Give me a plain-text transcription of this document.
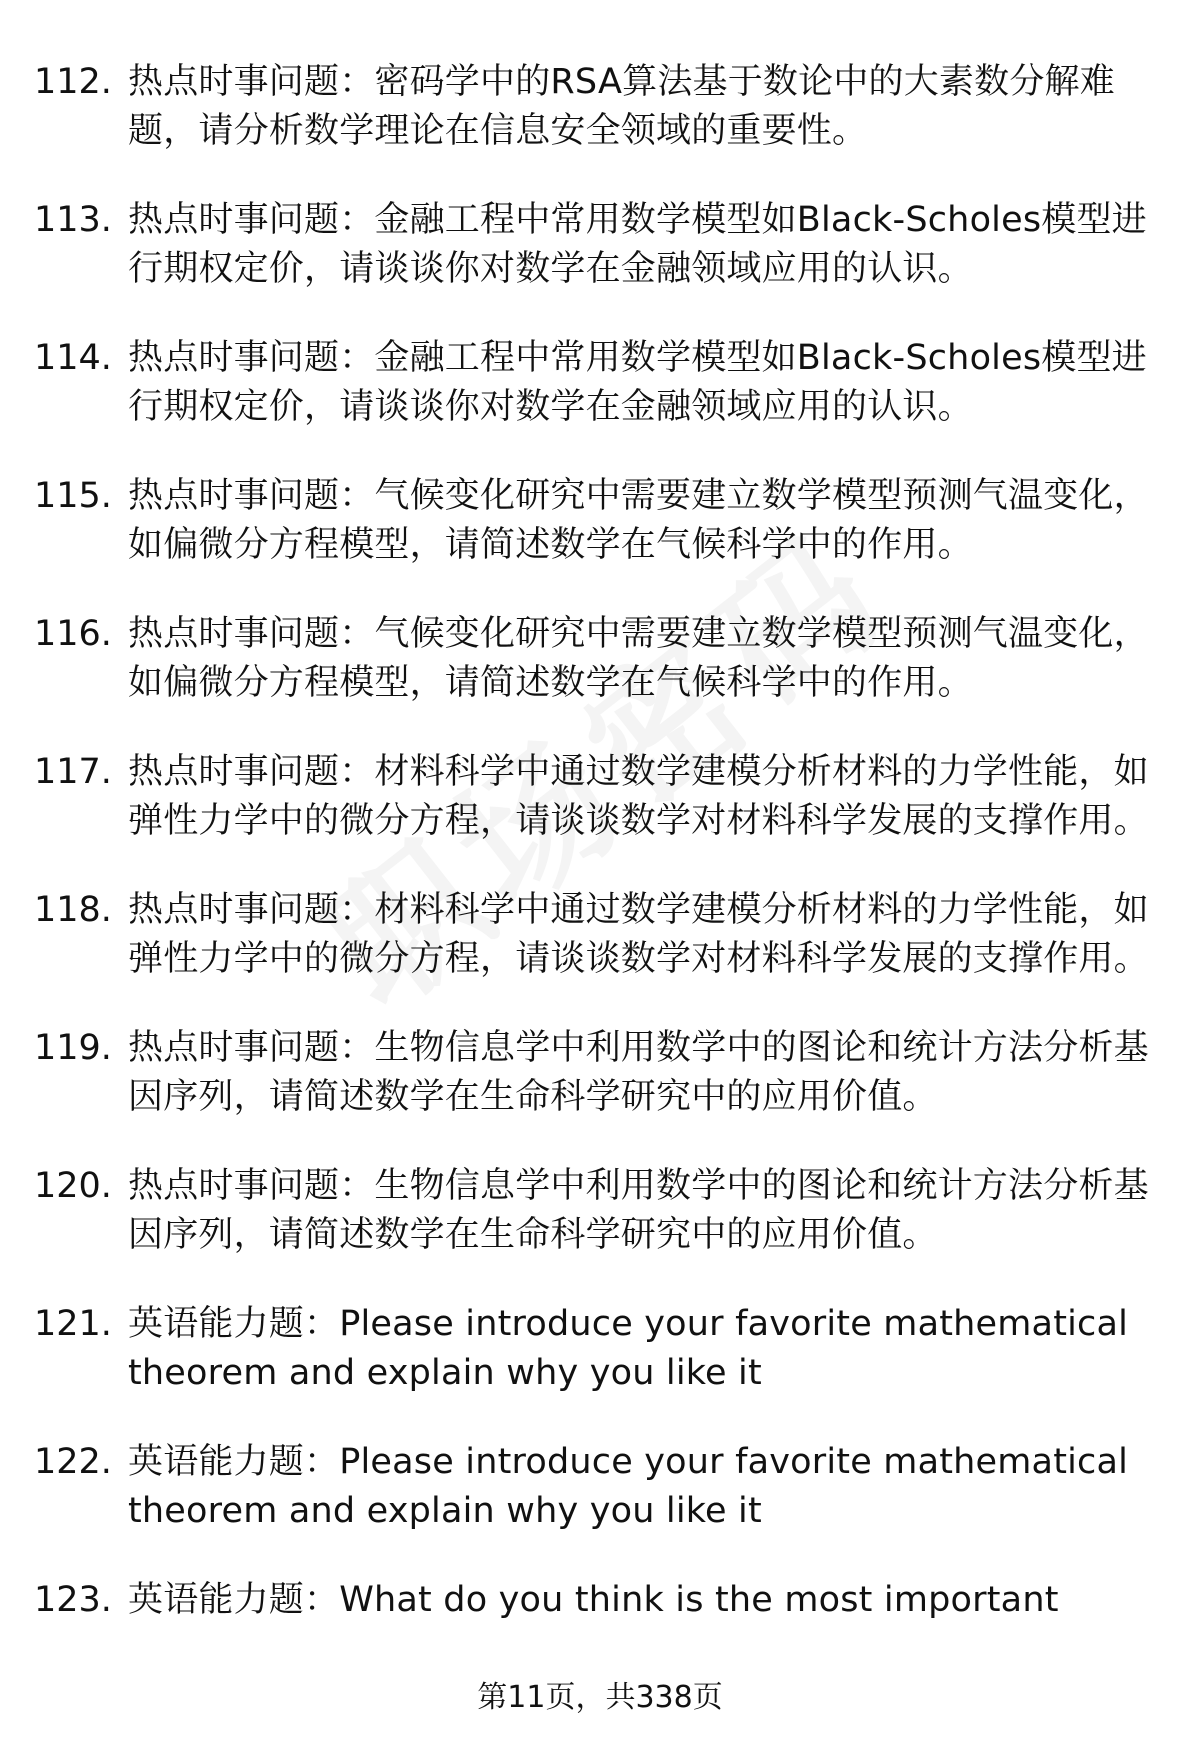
112. 热点时事问题：密码学中的RSA算法基于数论中的大素数分解难题，请分析数学理论在信息安全领域的重要性。
113. 热点时事问题：金融工程中常用数学模型如Black-Scholes模型进行期权定价，请谈谈你对数学在金融领域应用的认识。
114. 热点时事问题：金融工程中常用数学模型如Black-Scholes模型进行期权定价，请谈谈你对数学在金融领域应用的认识。
115. 热点时事问题：气候变化研究中需要建立数学模型预测气温变化，如偏微分方程模型，请简述数学在气候科学中的作用。
116. 热点时事问题：气候变化研究中需要建立数学模型预测气温变化，如偏微分方程模型，请简述数学在气候科学中的作用。
117. 热点时事问题：材料科学中通过数学建模分析材料的力学性能，如弹性力学中的微分方程，请谈谈数学对材料科学发展的支撑作用。
118. 热点时事问题：材料科学中通过数学建模分析材料的力学性能，如弹性力学中的微分方程，请谈谈数学对材料科学发展的支撑作用。
119. 热点时事问题：生物信息学中利用数学中的图论和统计方法分析基因序列，请简述数学在生命科学研究中的应用价值。
120. 热点时事问题：生物信息学中利用数学中的图论和统计方法分析基因序列，请简述数学在生命科学研究中的应用价值。
121. 英语能力题：Please introduce your favorite mathematical theorem and explain why you like it
122. 英语能力题：Please introduce your favorite mathematical theorem and explain why you like it
123. 英语能力题：What do you think is the most important
第11页，共338页
